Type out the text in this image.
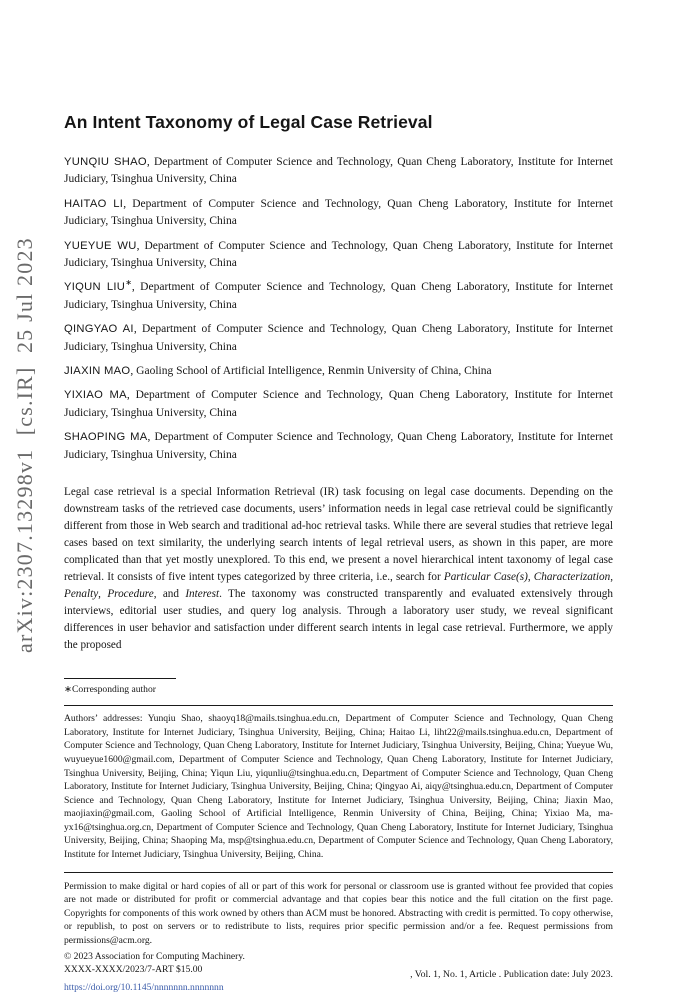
arXiv:2307.13298v1  [cs.IR]  25 Jul 2023
An Intent Taxonomy of Legal Case Retrieval

YUNQIU SHAO, Department of Computer Science and Technology, Quan Cheng Laboratory, Institute for Internet Judiciary, Tsinghua University, China

HAITAO LI, Department of Computer Science and Technology, Quan Cheng Laboratory, Institute for Internet Judiciary, Tsinghua University, China

YUEYUE WU, Department of Computer Science and Technology, Quan Cheng Laboratory, Institute for Internet Judiciary, Tsinghua University, China

YIQUN LIU∗, Department of Computer Science and Technology, Quan Cheng Laboratory, Institute for Internet Judiciary, Tsinghua University, China

QINGYAO AI, Department of Computer Science and Technology, Quan Cheng Laboratory, Institute for Internet Judiciary, Tsinghua University, China

JIAXIN MAO, Gaoling School of Artificial Intelligence, Renmin University of China, China

YIXIAO MA, Department of Computer Science and Technology, Quan Cheng Laboratory, Institute for Internet Judiciary, Tsinghua University, China

SHAOPING MA, Department of Computer Science and Technology, Quan Cheng Laboratory, Institute for Internet Judiciary, Tsinghua University, China

Legal case retrieval is a special Information Retrieval (IR) task focusing on legal case documents. Depending on the downstream tasks of the retrieved case documents, users’ information needs in legal case retrieval could be significantly different from those in Web search and traditional ad-hoc retrieval tasks. While there are several studies that retrieve legal cases based on text similarity, the underlying search intents of legal retrieval users, as shown in this paper, are more complicated than that yet mostly unexplored. To this end, we present a novel hierarchical intent taxonomy of legal case retrieval. It consists of five intent types categorized by three criteria, i.e., search for Particular Case(s), Characterization, Penalty, Procedure, and Interest. The taxonomy was constructed transparently and evaluated extensively through interviews, editorial user studies, and query log analysis. Through a laboratory user study, we reveal significant differences in user behavior and satisfaction under different search intents in legal case retrieval. Furthermore, we apply the proposed

∗Corresponding author

Authors’ addresses: Yunqiu Shao, shaoyq18@mails.tsinghua.edu.cn, Department of Computer Science and Technology, Quan Cheng Laboratory, Institute for Internet Judiciary, Tsinghua University, Beijing, China; Haitao Li, liht22@mails.tsinghua.edu.cn, Department of Computer Science and Technology, Quan Cheng Laboratory, Institute for Internet Judiciary, Tsinghua University, Beijing, China; Yueyue Wu, wuyueyue1600@gmail.com, Department of Computer Science and Technology, Quan Cheng Laboratory, Institute for Internet Judiciary, Tsinghua University, Beijing, China; Yiqun Liu, yiqunliu@tsinghua.edu.cn, Department of Computer Science and Technology, Quan Cheng Laboratory, Institute for Internet Judiciary, Tsinghua University, Beijing, China; Qingyao Ai, aiqy@tsinghua.edu.cn, Department of Computer Science and Technology, Quan Cheng Laboratory, Institute for Internet Judiciary, Tsinghua University, Beijing, China; Jiaxin Mao, maojiaxin@gmail.com, Gaoling School of Artificial Intelligence, Renmin University of China, Beijing, China; Yixiao Ma, ma-yx16@tsinghua.org.cn, Department of Computer Science and Technology, Quan Cheng Laboratory, Institute for Internet Judiciary, Tsinghua University, Beijing, China; Shaoping Ma, msp@tsinghua.edu.cn, Department of Computer Science and Technology, Quan Cheng Laboratory, Institute for Internet Judiciary, Tsinghua University, Beijing, China.

Permission to make digital or hard copies of all or part of this work for personal or classroom use is granted without fee provided that copies are not made or distributed for profit or commercial advantage and that copies bear this notice and the full citation on the first page. Copyrights for components of this work owned by others than ACM must be honored. Abstracting with credit is permitted. To copy otherwise, or republish, to post on servers or to redistribute to lists, requires prior specific permission and/or a fee. Request permissions from permissions@acm.org.

© 2023 Association for Computing Machinery.

XXXX-XXXX/2023/7-ART $15.00

https://doi.org/10.1145/nnnnnnn.nnnnnnn
, Vol. 1, No. 1, Article . Publication date: July 2023.
